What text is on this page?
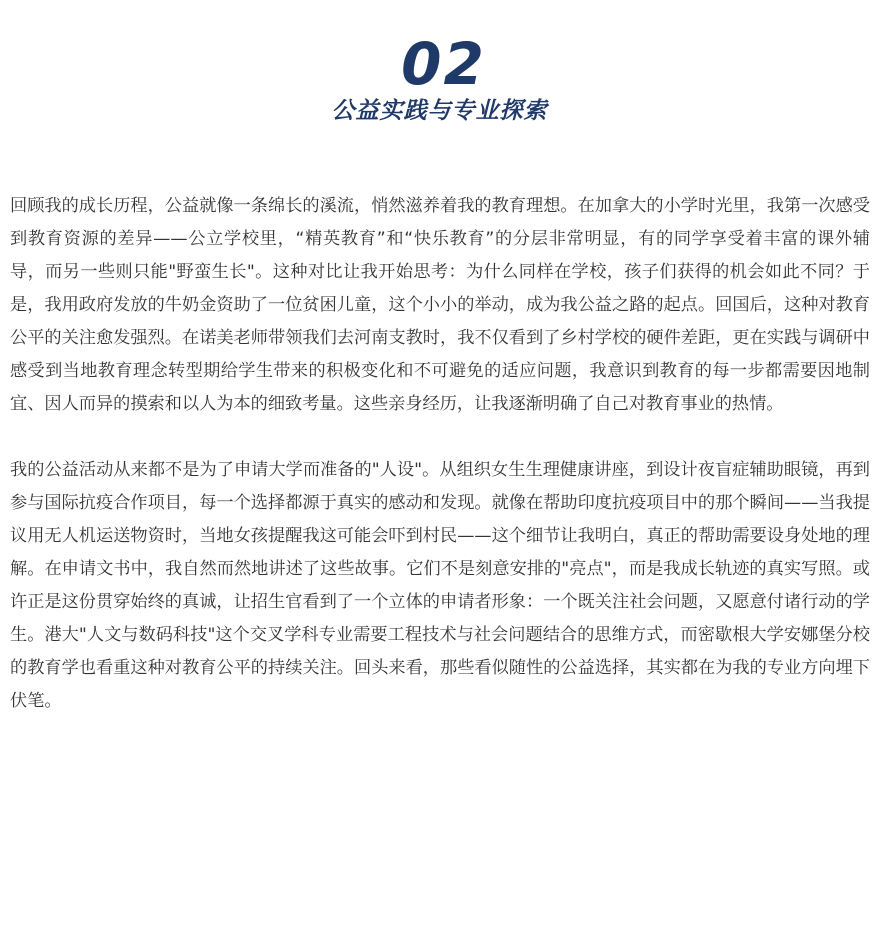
02
公益实践与专业探索

回顾我的成长历程，公益就像一条绵长的溪流，悄然滋养着我的教育理想。在加拿大的小学时光里，我第一次感受到教育资源的差异——公立学校里，“精英教育”和“快乐教育”的分层非常明显，有的同学享受着丰富的课外辅导，而另一些则只能"野蛮生长"。这种对比让我开始思考：为什么同样在学校，孩子们获得的机会如此不同？于是，我用政府发放的牛奶金资助了一位贫困儿童，这个小小的举动，成为我公益之路的起点。回国后，这种对教育公平的关注愈发强烈。在诺美老师带领我们去河南支教时，我不仅看到了乡村学校的硬件差距，更在实践与调研中感受到当地教育理念转型期给学生带来的积极变化和不可避免的适应问题，我意识到教育的每一步都需要因地制宜、因人而异的摸索和以人为本的细致考量。这些亲身经历，让我逐渐明确了自己对教育事业的热情。

我的公益活动从来都不是为了申请大学而准备的"人设"。从组织女生生理健康讲座，到设计夜盲症辅助眼镜，再到参与国际抗疫合作项目，每一个选择都源于真实的感动和发现。就像在帮助印度抗疫项目中的那个瞬间——当我提议用无人机运送物资时，当地女孩提醒我这可能会吓到村民——这个细节让我明白，真正的帮助需要设身处地的理解。在申请文书中，我自然而然地讲述了这些故事。它们不是刻意安排的"亮点"，而是我成长轨迹的真实写照。或许正是这份贯穿始终的真诚，让招生官看到了一个立体的申请者形象：一个既关注社会问题，又愿意付诸行动的学生。港大"人文与数码科技"这个交叉学科专业需要工程技术与社会问题结合的思维方式，而密歇根大学安娜堡分校的教育学也看重这种对教育公平的持续关注。回头来看，那些看似随性的公益选择，其实都在为我的专业方向埋下伏笔。
